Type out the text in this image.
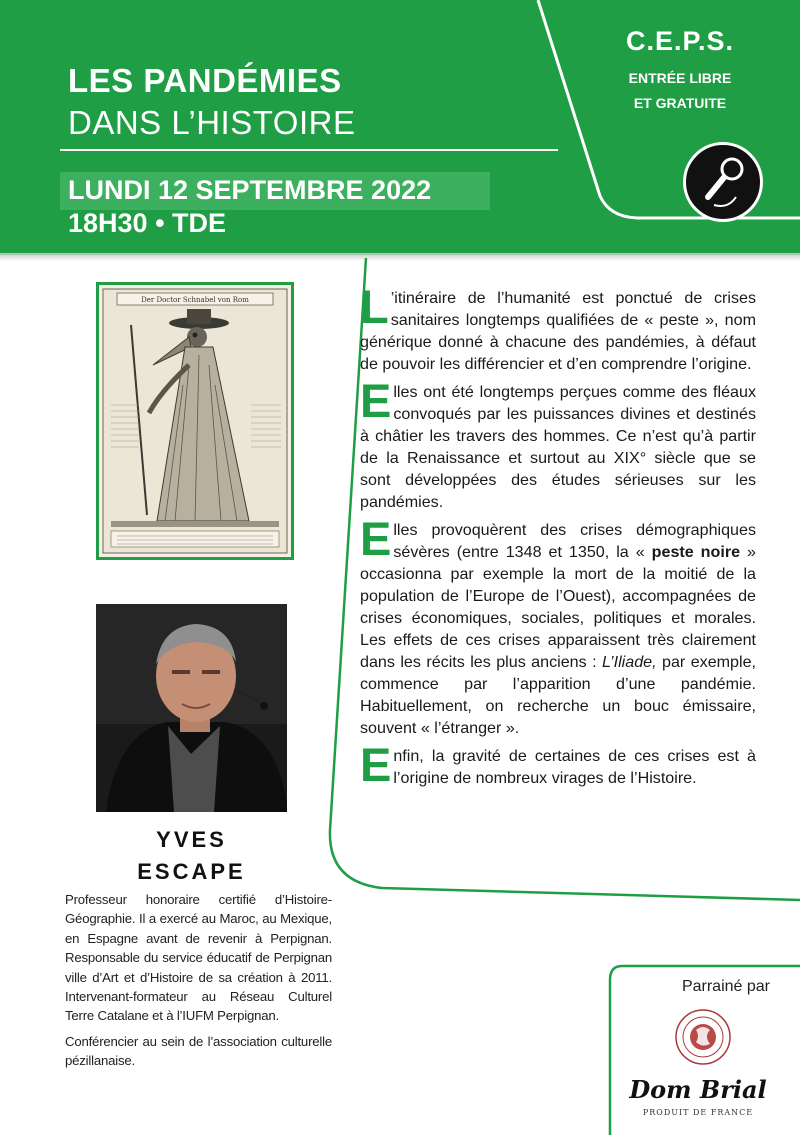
LES PANDÉMIES
DANS L’HISTOIRE
LUNDI 12 SEPTEMBRE 2022
18H30 • TDE
C.E.P.S.
ENTRÉE LIBRE
ET GRATUITE
Der Doctor Schnabel von Rom
YVES
ESCAPE

Professeur honoraire certifié d’Histoire-Géographie. Il a exercé au Maroc, au Mexique, en Espagne avant de revenir à Perpignan. Responsable du service éducatif de Perpignan ville d’Art et d’Histoire de sa création à 2011. Intervenant-formateur au Réseau Culturel Terre Catalane et à l’IUFM Perpignan.

Conférencier au sein de l’association culturelle pézillanaise.

L ’itinéraire de l’humanité est ponctué de crises sanitaires longtemps qualifiées de « peste », nom générique donné à chacune des pandémies, à défaut de pouvoir les différencier et d’en comprendre l’origine.

Elles ont été longtemps perçues comme des fléaux convoqués par les puissances divines et destinés à châtier les travers des hommes. Ce n’est qu’à partir de la Renaissance et surtout au XIX° siècle que se sont développées des études sérieuses sur les pandémies.

Elles provoquèrent des crises démographiques sévères (entre 1348 et 1350, la « peste noire » occasionna par exemple la mort de la moitié de la population de l’Europe de l’Ouest), accompagnées de crises économiques, sociales, politiques et morales. Les effets de ces crises apparaissent très clairement dans les récits les plus anciens : L’Iliade, par exemple, commence par l’apparition d’une pandémie. Habituellement, on recherche un bouc émissaire, souvent « l’étranger ».

Enfin, la gravité de certaines de ces crises est à l’origine de nombreux virages de l’Histoire.

Parrainé par
Dom Brial
PRODUIT DE FRANCE
